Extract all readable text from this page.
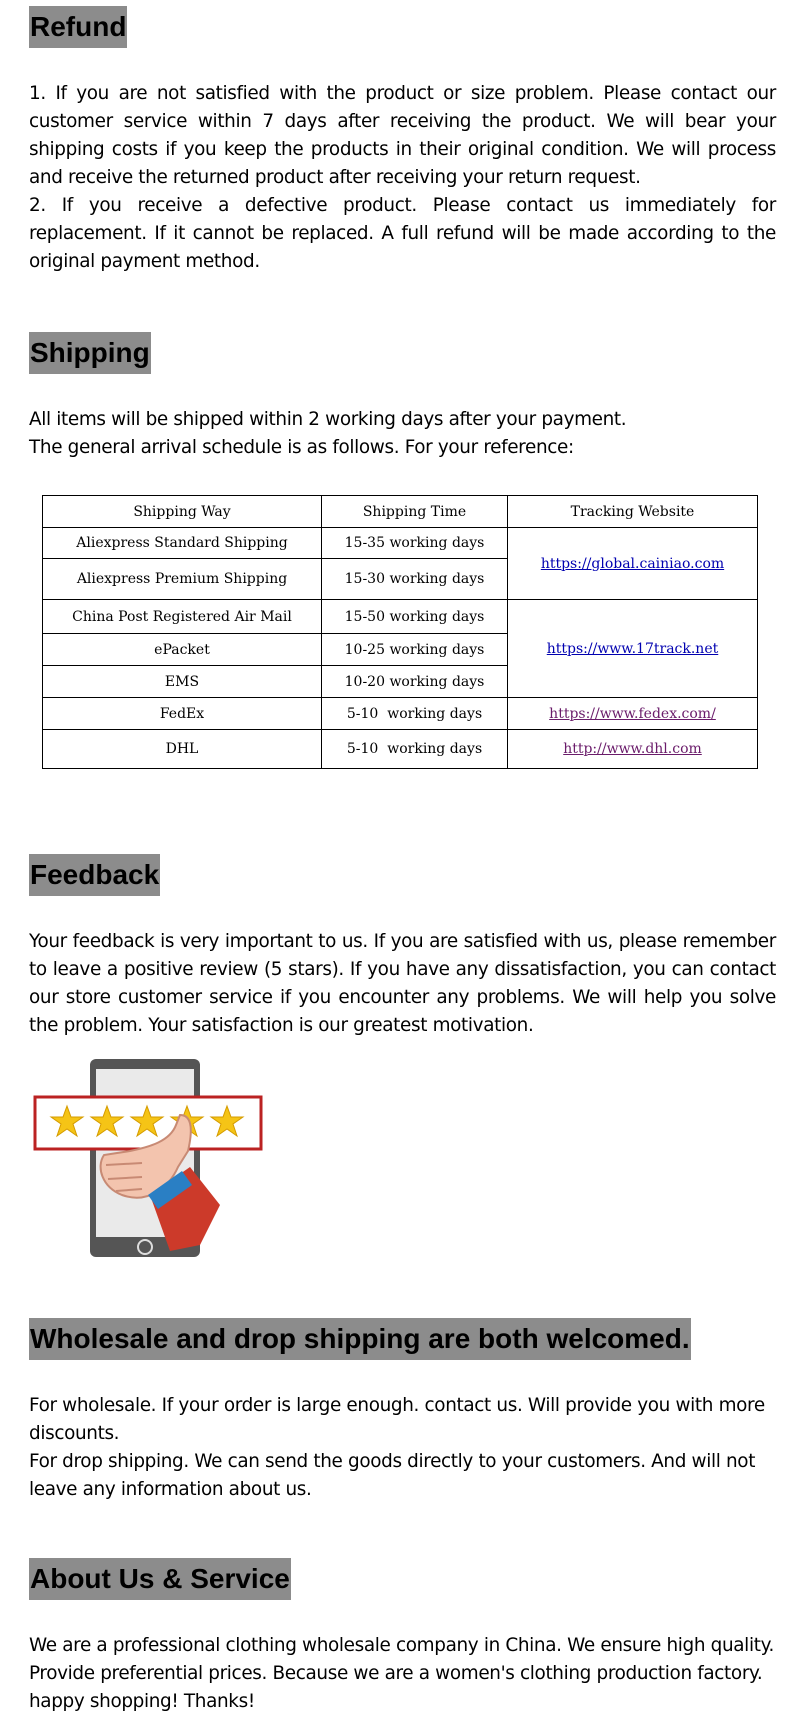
Refund

1. If you are not satisfied with the product or size problem. Please contact our customer service within 7 days after receiving the product. We will bear your shipping costs if you keep the products in their original condition. We will process and receive the returned product after receiving your return request.

2. If you receive a defective product. Please contact us immediately for replacement. If it cannot be replaced. A full refund will be made according to the original payment method.

Shipping

All items will be shipped within 2 working days after your payment.

The general arrival schedule is as follows. For your reference:

Shipping Way	Shipping Time	Tracking Website
Aliexpress Standard Shipping	15-35 working days	https://global.cainiao.com
Aliexpress Premium Shipping	15-30 working days	
China Post Registered Air Mail	15-50 working days	https://www.17track.net
ePacket	10-25 working days	
EMS	10-20 working days	
FedEx	5-10  working days	https://www.fedex.com/
DHL	5-10  working days	http://www.dhl.com
Feedback

Your feedback is very important to us. If you are satisfied with us, please remember to leave a positive review (5 stars). If you have any dissatisfaction, you can contact our store customer service if you encounter any problems. We will help you solve the problem. Your satisfaction is our greatest motivation.

Wholesale and drop shipping are both welcomed.

For wholesale. If your order is large enough. contact us. Will provide you with more discounts.

For drop shipping. We can send the goods directly to your customers. And will not leave any information about us.

About Us & Service

We are a professional clothing wholesale company in China. We ensure high quality. Provide preferential prices. Because we are a women's clothing production factory. happy shopping! Thanks!
